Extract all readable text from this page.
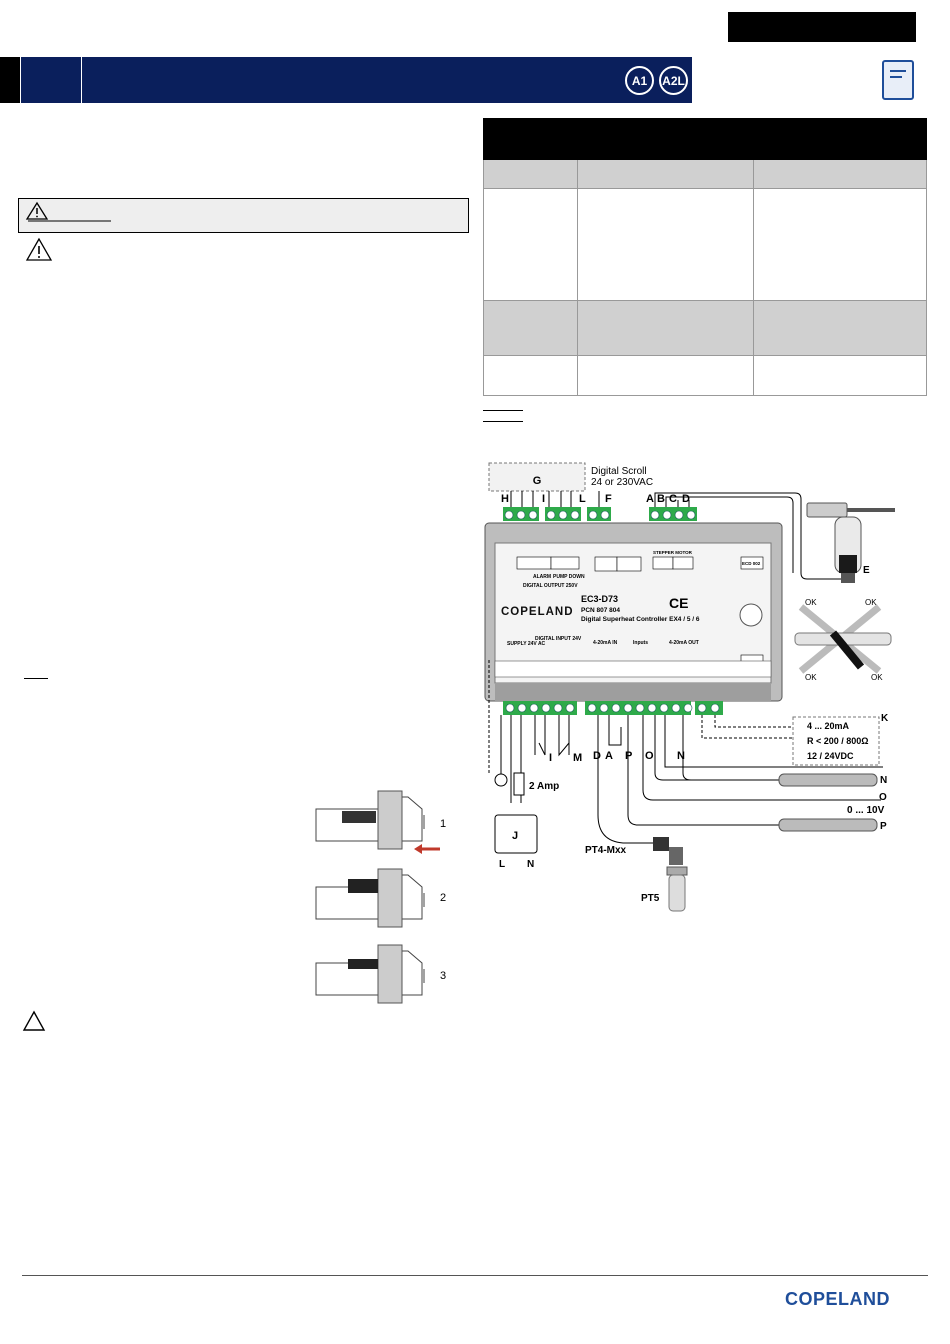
A1	A2L

G
Digital Scroll
24 or 230VAC
H	I	L F	A B C D
ALARM PUMP DOWN
DIGITAL OUTPUT 250V
STEPPER MOTOR
ECD 002
COPELAND
EC3-D73
PCN 807 804
Digital Superheat Controller EX4 / 5 / 6
CE
SUPPLY 24V AC
DIGITAL INPUT 24V
4-20mA IN	Inputs	4-20mA OUT
I M D A P O N
2 Amp
J
L N
K
4 ... 20mA
R < 200 / 800Ω
12 / 24VDC
N
O
0 ... 10V
P
PT4-Mxx
PT5
E
OK	OK
OK	OK
1
2
3
COPELAND
